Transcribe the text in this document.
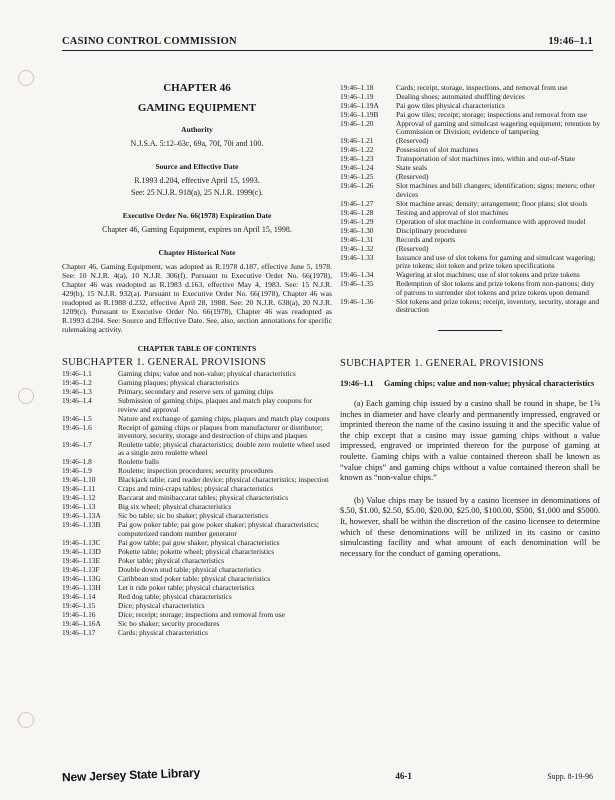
CASINO CONTROL COMMISSION	19:46–1.1
CHAPTER 46
GAMING EQUIPMENT
Authority
N.J.S.A. 5:12–63c, 69a, 70f, 70i and 100.
Source and Effective Date
R.1993 d.204, effective April 15, 1993.
See: 25 N.J.R. 918(a), 25 N.J.R. 1999(c).
Executive Order No. 66(1978) Expiration Date
Chapter 46, Gaming Equipment, expires on April 15, 1998.
Chapter Historical Note
Chapter 46, Gaming Equipment, was adopted as R.1978 d.187, effective June 5, 1978. See: 10 N.J.R. 4(a), 10 N.J.R. 306(f). Pursuant to Executive Order No. 66(1978), Chapter 46 was readopted as R.1983 d.163, effective May 4, 1983. See: 15 N.J.R. 429(b), 15 N.J.R. 932(a). Pursuant to Executive Order No. 66(1978), Chapter 46 was readopted as R.1988 d.232, effective April 28, 1988. See: 20 N.J.R. 638(a), 20 N.J.R. 1209(c). Pursuant to Executive Order No. 66(1978), Chapter 46 was readopted as R.1993 d.204. See: Source and Effective Date. See, also, section annotations for specific rulemaking activity.
CHAPTER TABLE OF CONTENTS
SUBCHAPTER 1. GENERAL PROVISIONS
19:46–1.1	Gaming chips; value and non-value; physical characteristics
19:46–1.2	Gaming plaques; physical characteristics
19:46–1.3	Primary, secondary and reserve sets of gaming chips
19:46–1.4	Submission of gaming chips, plaques and match play coupons for review and approval
19:46–1.5	Nature and exchange of gaming chips, plaques and match play coupons
19:46–1.6	Receipt of gaming chips or plaques from manufacturer or distributor; inventory, security, storage and destruction of chips and plaques
19:46–1.7	Roulette table; physical characteristics; double zero roulette wheel used as a single zero roulette wheel
19:46–1.8	Roulette balls
19:46–1.9	Roulette; inspection procedures; security procedures
19:46–1.10	Blackjack table; card reader device; physical characteristics; inspection
19:46–1.11	Craps and mini-craps tables; physical characteristics
19:46–1.12	Baccarat and minibaccarat tables; physical characteristics
19:46–1.13	Big six wheel; physical characteristics
19:46–1.13A	Sic bo table; sic bo shaker; physical characteristics
19:46–1.13B	Pai gow poker table; pai gow poker shaker; physical characteristics; computerized random number generator
19:46–1.13C	Pai gow table; pai gow shaker; physical characteristics
19:46–1.13D	Pokette table; pokette wheel; physical characteristics
19:46–1.13E	Poker table; physical characteristics
19:46–1.13F	Double down stud table; physical characteristics
19:46–1.13G	Caribbean stud poker table; physical characteristics
19:46–1.13H	Let it ride poker table; physical characteristics
19:46–1.14	Red dog table; physical characteristics
19:46–1.15	Dice; physical characteristics
19:46–1.16	Dice; receipt; storage; inspections and removal from use
19:46–1.16A	Sic bo shaker; security procedures
19:46–1.17	Cards; physical characteristics
19:46–1.18	Cards; receipt, storage, inspections, and removal from use
19:46–1.19	Dealing shoes; automated shuffling devices
19:46–1.19A	Pai gow tiles physical characteristics
19:46–1.19B	Pai gow tiles; receipt; storage; inspections and removal from use
19:46–1.20	Approval of gaming and simulcast wagering equipment; retention by Commission or Division; evidence of tampering
19:46–1.21	(Reserved)
19:46–1.22	Possession of slot machines
19:46–1.23	Transportation of slot machines into, within and out-of-State
19:46–1.24	State seals
19:46–1.25	(Reserved)
19:46–1.26	Slot machines and bill changers; identification; signs; meters; other devices
19:46–1.27	Slot machine areas; density; arrangement; floor plans; slot stools
19:46–1.28	Testing and approval of slot machines
19:46–1.29	Operation of slot machine in conformance with approved model
19:46–1.30	Disciplinary procedures
19:46–1.31	Records and reports
19:46–1.32	(Reserved)
19:46–1.33	Issuance and use of slot tokens for gaming and simulcast wagering; prize tokens; slot token and prize token specifications
19:46–1.34	Wagering at slot machines; use of slot tokens and prize tokens
19:46–1.35	Redemption of slot tokens and prize tokens from non-patrons; duty of patrons to surrender slot tokens and prize tokens upon demand
19:46–1.36	Slot tokens and prize tokens; receipt, inventory, security, storage and destruction
SUBCHAPTER 1. GENERAL PROVISIONS
19:46–1.1	Gaming chips; value and non-value; physical characteristics

(a) Each gaming chip issued by a casino shall be round in shape, be 1⅝ inches in diameter and have clearly and permanently impressed, engraved or imprinted thereon the name of the casino issuing it and the specific value of the chip except that a casino may issue gaming chips without a value impressed, engraved or imprinted thereon for the purpose of gaming at roulette. Gaming chips with a value contained thereon shall be known as “value chips” and gaming chips without a value contained thereon shall be known as “non-value chips.”

(b) Value chips may be issued by a casino licensee in denominations of $.50, $1.00, $2.50, $5.00, $20.00, $25.00, $100.00, $500, $1,000 and $5000. It, however, shall be within the discretion of the casino licensee to determine which of these denominations will be utilized in its casino or casino simulcasting facility and what amount of each denomination will be necessary for the conduct of gaming operations.

New Jersey State Library	46-1	Supp. 8-19-96
